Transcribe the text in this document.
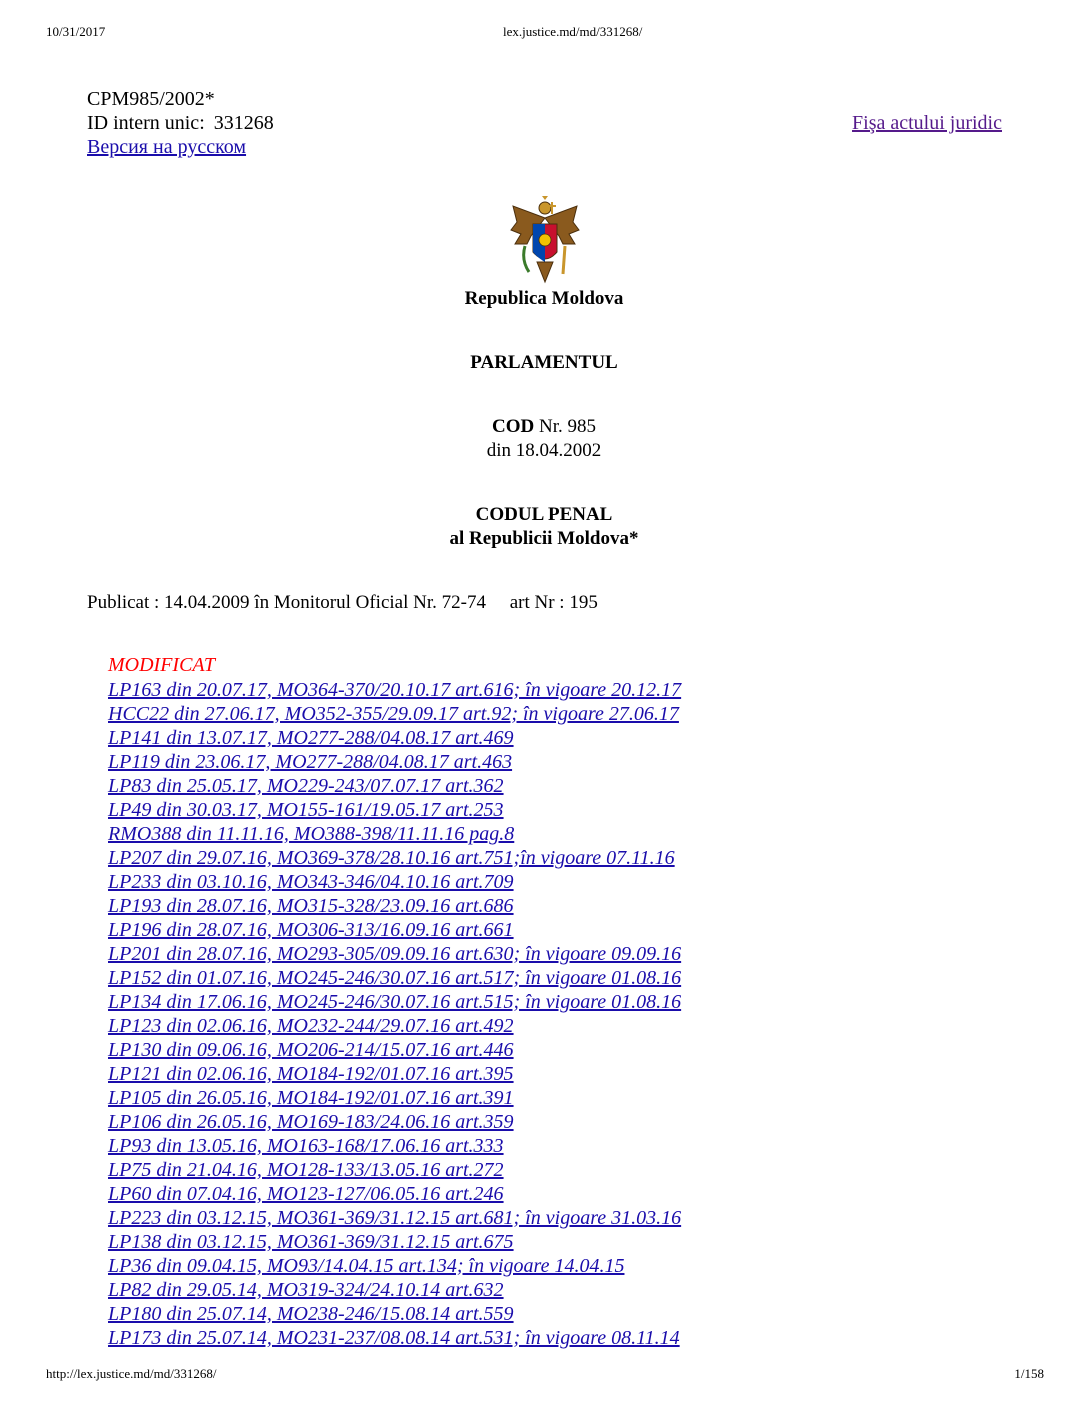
10/31/2017	lex.justice.md/md/331268/
CPM985/2002*
ID intern unic: 331268
Версия на русском
Fişa actului juridic
Republica Moldova
PARLAMENTUL
COD Nr. 985
din 18.04.2002
CODUL PENAL
al Republicii Moldova*
Publicat : 14.04.2009 în Monitorul Oficial Nr. 72-74     art Nr : 195
MODIFICAT
LP163 din 20.07.17, MO364-370/20.10.17 art.616; în vigoare 20.12.17
HCC22 din 27.06.17, MO352-355/29.09.17 art.92; în vigoare 27.06.17
LP141 din 13.07.17, MO277-288/04.08.17 art.469
LP119 din 23.06.17, MO277-288/04.08.17 art.463
LP83 din 25.05.17, MO229-243/07.07.17 art.362
LP49 din 30.03.17, MO155-161/19.05.17 art.253
RMO388 din 11.11.16, MO388-398/11.11.16 pag.8
LP207 din 29.07.16, MO369-378/28.10.16 art.751;în vigoare 07.11.16
LP233 din 03.10.16, MO343-346/04.10.16 art.709
LP193 din 28.07.16, MO315-328/23.09.16 art.686
LP196 din 28.07.16, MO306-313/16.09.16 art.661
LP201 din 28.07.16, MO293-305/09.09.16 art.630; în vigoare 09.09.16
LP152 din 01.07.16, MO245-246/30.07.16 art.517; în vigoare 01.08.16
LP134 din 17.06.16, MO245-246/30.07.16 art.515; în vigoare 01.08.16
LP123 din 02.06.16, MO232-244/29.07.16 art.492
LP130 din 09.06.16, MO206-214/15.07.16 art.446
LP121 din 02.06.16, MO184-192/01.07.16 art.395
LP105 din 26.05.16, MO184-192/01.07.16 art.391
LP106 din 26.05.16, MO169-183/24.06.16 art.359
LP93 din 13.05.16, MO163-168/17.06.16 art.333
LP75 din 21.04.16, MO128-133/13.05.16 art.272
LP60 din 07.04.16, MO123-127/06.05.16 art.246
LP223 din 03.12.15, MO361-369/31.12.15 art.681; în vigoare 31.03.16
LP138 din 03.12.15, MO361-369/31.12.15 art.675
LP36 din 09.04.15, MO93/14.04.15 art.134; în vigoare 14.04.15
LP82 din 29.05.14, MO319-324/24.10.14 art.632
LP180 din 25.07.14, MO238-246/15.08.14 art.559
LP173 din 25.07.14, MO231-237/08.08.14 art.531; în vigoare 08.11.14
http://lex.justice.md/md/331268/	1/158
